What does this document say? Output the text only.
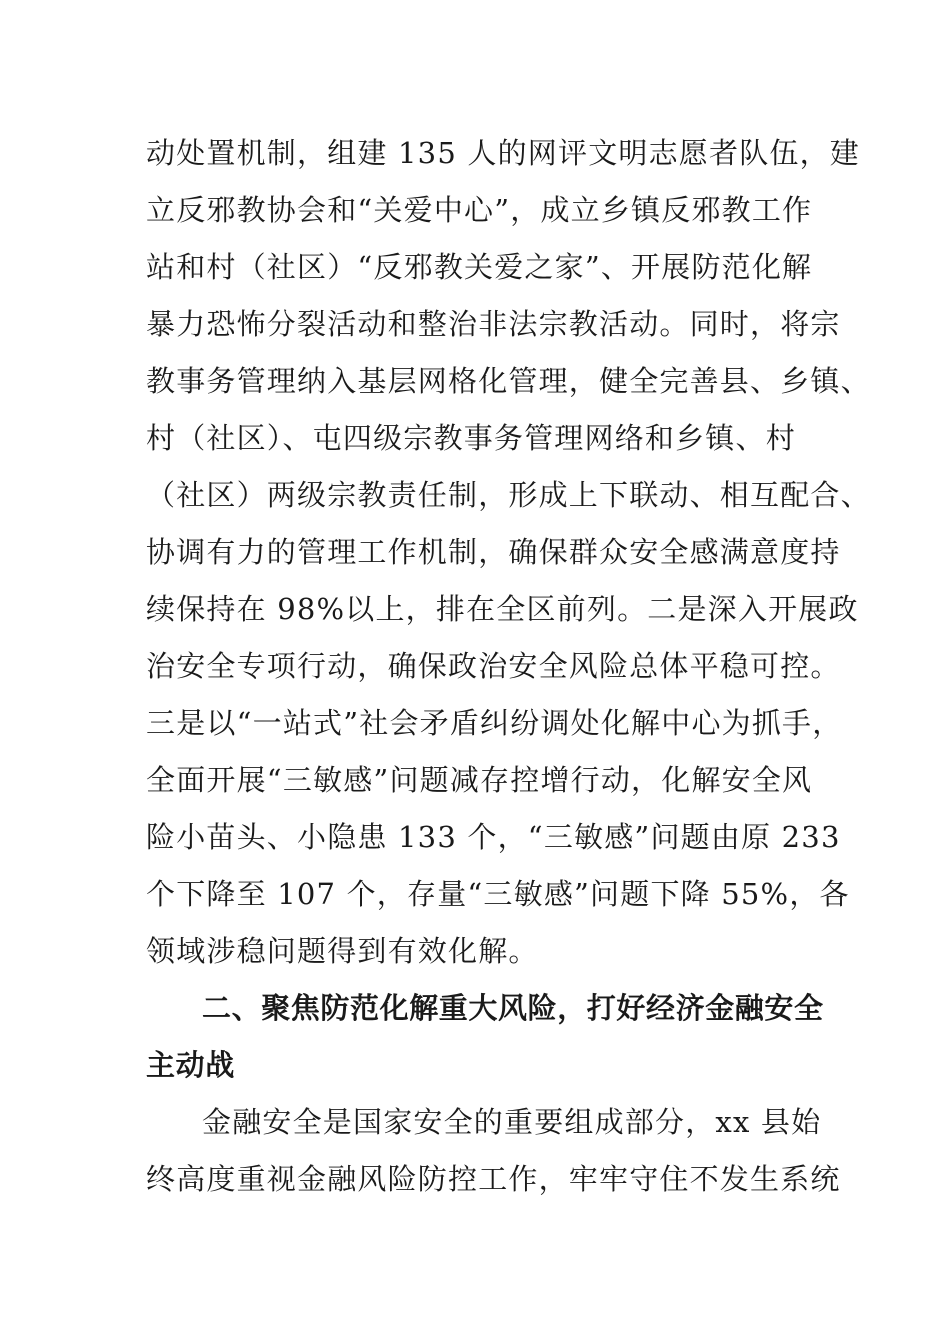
动处置机制，组建 135 人的网评文明志愿者队伍，建
立反邪教协会和“关爱中心”，成立乡镇反邪教工作
站和村（社区）“反邪教关爱之家”、开展防范化解
暴力恐怖分裂活动和整治非法宗教活动。同时，将宗
教事务管理纳入基层网格化管理，健全完善县、乡镇、
村（社区）、屯四级宗教事务管理网络和乡镇、村
（社区）两级宗教责任制，形成上下联动、相互配合、
协调有力的管理工作机制，确保群众安全感满意度持
续保持在 98%以上，排在全区前列。二是深入开展政
治安全专项行动，确保政治安全风险总体平稳可控。
三是以“一站式”社会矛盾纠纷调处化解中心为抓手，
全面开展“三敏感”问题减存控增行动，化解安全风
险小苗头、小隐患 133 个，“三敏感”问题由原 233
个下降至 107 个，存量“三敏感”问题下降 55%，各
领域涉稳问题得到有效化解。
二、聚焦防范化解重大风险，打好经济金融安全
主动战
金融安全是国家安全的重要组成部分，xx 县始
终高度重视金融风险防控工作，牢牢守住不发生系统
